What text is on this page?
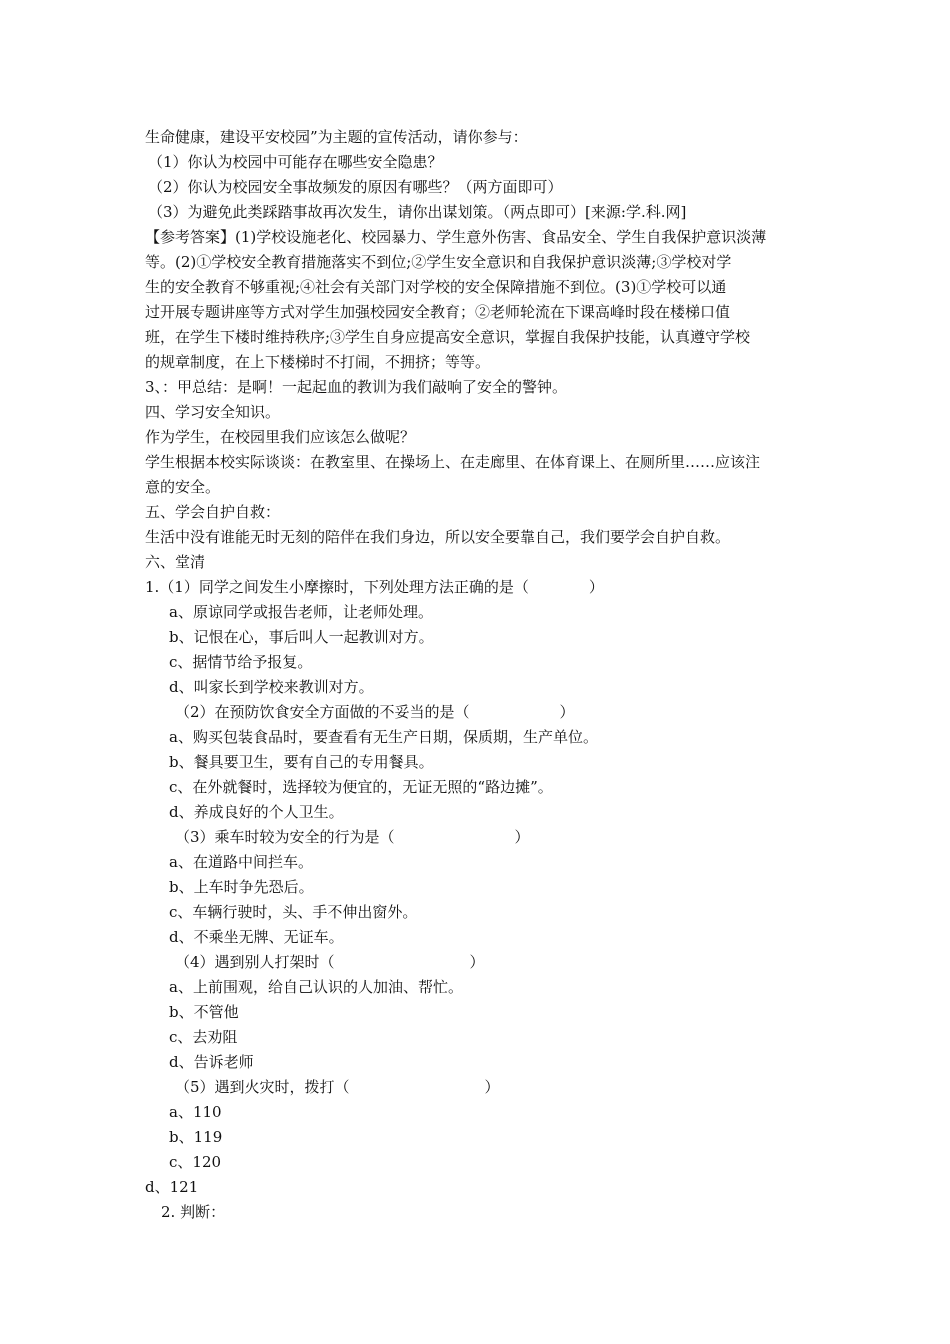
生命健康，建设平安校园”为主题的宣传活动，请你参与：
（1）你认为校园中可能存在哪些安全隐患？
（2）你认为校园安全事故频发的原因有哪些？（两方面即可）
（3）为避免此类踩踏事故再次发生，请你出谋划策。（两点即可）[来源:学.科.网]
【参考答案】(1)学校设施老化、校园暴力、学生意外伤害、食品安全、学生自我保护意识淡薄
等。(2)①学校安全教育措施落实不到位;②学生安全意识和自我保护意识淡薄;③学校对学
生的安全教育不够重视;④社会有关部门对学校的安全保障措施不到位。(3)①学校可以通
过开展专题讲座等方式对学生加强校园安全教育；②老师轮流在下课高峰时段在楼梯口值
班，在学生下楼时维持秩序;③学生自身应提高安全意识，掌握自我保护技能，认真遵守学校
的规章制度，在上下楼梯时不打闹，不拥挤；等等。
3、：甲总结：是啊！一起起血的教训为我们敲响了安全的警钟。
四、学习安全知识。
作为学生，在校园里我们应该怎么做呢？
学生根据本校实际谈谈：在教室里、在操场上、在走廊里、在体育课上、在厕所里……应该注
意的安全。
五、学会自护自救：
生活中没有谁能无时无刻的陪伴在我们身边，所以安全要靠自己，我们要学会自护自救。
六、堂清
1.（1）同学之间发生小摩擦时，下列处理方法正确的是（　　　　）
a、原谅同学或报告老师，让老师处理。
b、记恨在心，事后叫人一起教训对方。
c、据情节给予报复。
d、叫家长到学校来教训对方。
（2）在预防饮食安全方面做的不妥当的是（　　　　　　）
a、购买包装食品时，要查看有无生产日期，保质期，生产单位。
b、餐具要卫生，要有自己的专用餐具。
c、在外就餐时，选择较为便宜的，无证无照的“路边摊”。
d、养成良好的个人卫生。
（3）乘车时较为安全的行为是（　　　　　　　　）
a、在道路中间拦车。
b、上车时争先恐后。
c、车辆行驶时，头、手不伸出窗外。
d、不乘坐无牌、无证车。
（4）遇到别人打架时（　　　　　　　　　）
a、上前围观，给自己认识的人加油、帮忙。
b、不管他
c、去劝阻
d、告诉老师
（5）遇到火灾时，拨打（　　　　　　　　　）
a、110
b、119
c、120
d、121
2. 判断：
